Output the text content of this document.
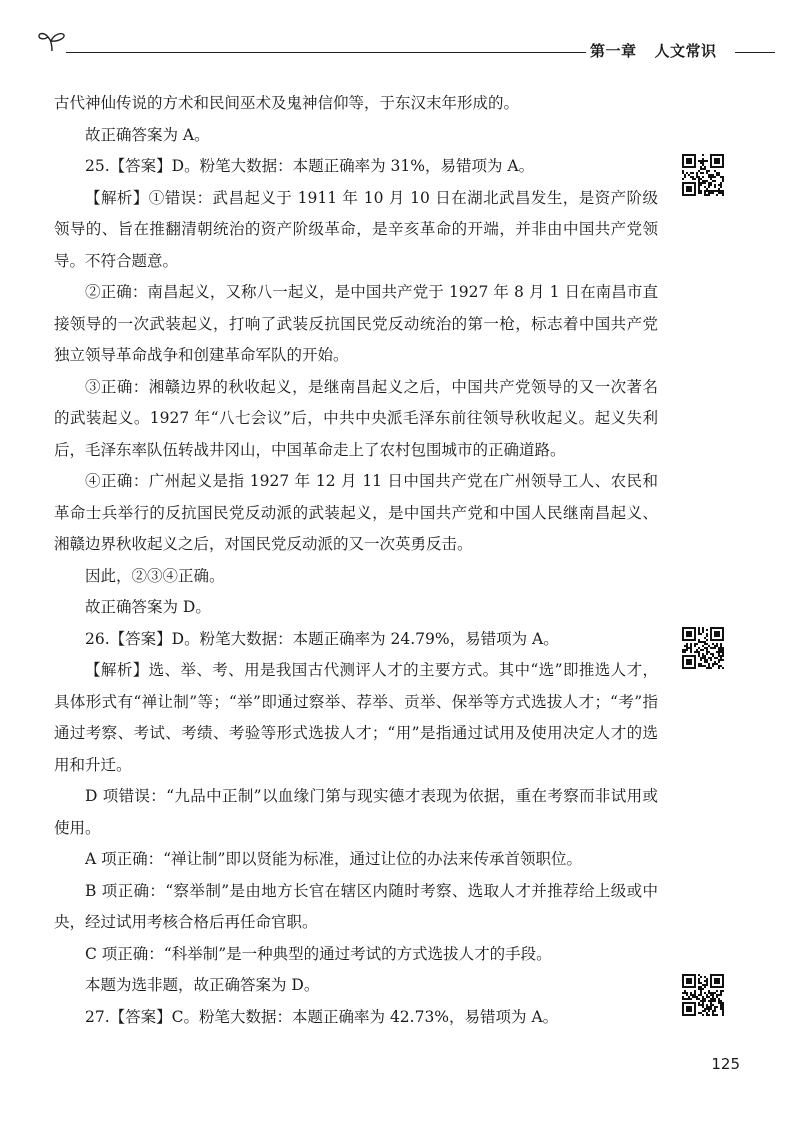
第一章 人文常识

古代神仙传说的方术和民间巫术及鬼神信仰等，于东汉末年形成的。

故正确答案为 A。

25.【答案】D。粉笔大数据：本题正确率为 31%，易错项为 A。

【解析】①错误：武昌起义于 1911 年 10 月 10 日在湖北武昌发生，是资产阶级领导的、旨在推翻清朝统治的资产阶级革命，是辛亥革命的开端，并非由中国共产党领导。不符合题意。

②正确：南昌起义，又称八一起义，是中国共产党于 1927 年 8 月 1 日在南昌市直接领导的一次武装起义，打响了武装反抗国民党反动统治的第一枪，标志着中国共产党独立领导革命战争和创建革命军队的开始。

③正确：湘赣边界的秋收起义，是继南昌起义之后，中国共产党领导的又一次著名的武装起义。1927 年“八七会议”后，中共中央派毛泽东前往领导秋收起义。起义失利后，毛泽东率队伍转战井冈山，中国革命走上了农村包围城市的正确道路。

④正确：广州起义是指 1927 年 12 月 11 日中国共产党在广州领导工人、农民和革命士兵举行的反抗国民党反动派的武装起义，是中国共产党和中国人民继南昌起义、湘赣边界秋收起义之后，对国民党反动派的又一次英勇反击。

因此，②③④正确。

故正确答案为 D。

26.【答案】D。粉笔大数据：本题正确率为 24.79%，易错项为 A。

【解析】选、举、考、用是我国古代测评人才的主要方式。其中“选”即推选人才，具体形式有“禅让制”等；“举”即通过察举、荐举、贡举、保举等方式选拔人才；“考”指通过考察、考试、考绩、考验等形式选拔人才；“用”是指通过试用及使用决定人才的选用和升迁。

D 项错误：“九品中正制”以血缘门第与现实德才表现为依据，重在考察而非试用或使用。

A 项正确：“禅让制”即以贤能为标准，通过让位的办法来传承首领职位。

B 项正确：“察举制”是由地方长官在辖区内随时考察、选取人才并推荐给上级或中央，经过试用考核合格后再任命官职。

C 项正确：“科举制”是一种典型的通过考试的方式选拔人才的手段。

本题为选非题，故正确答案为 D。

27.【答案】C。粉笔大数据：本题正确率为 42.73%，易错项为 A。

125
